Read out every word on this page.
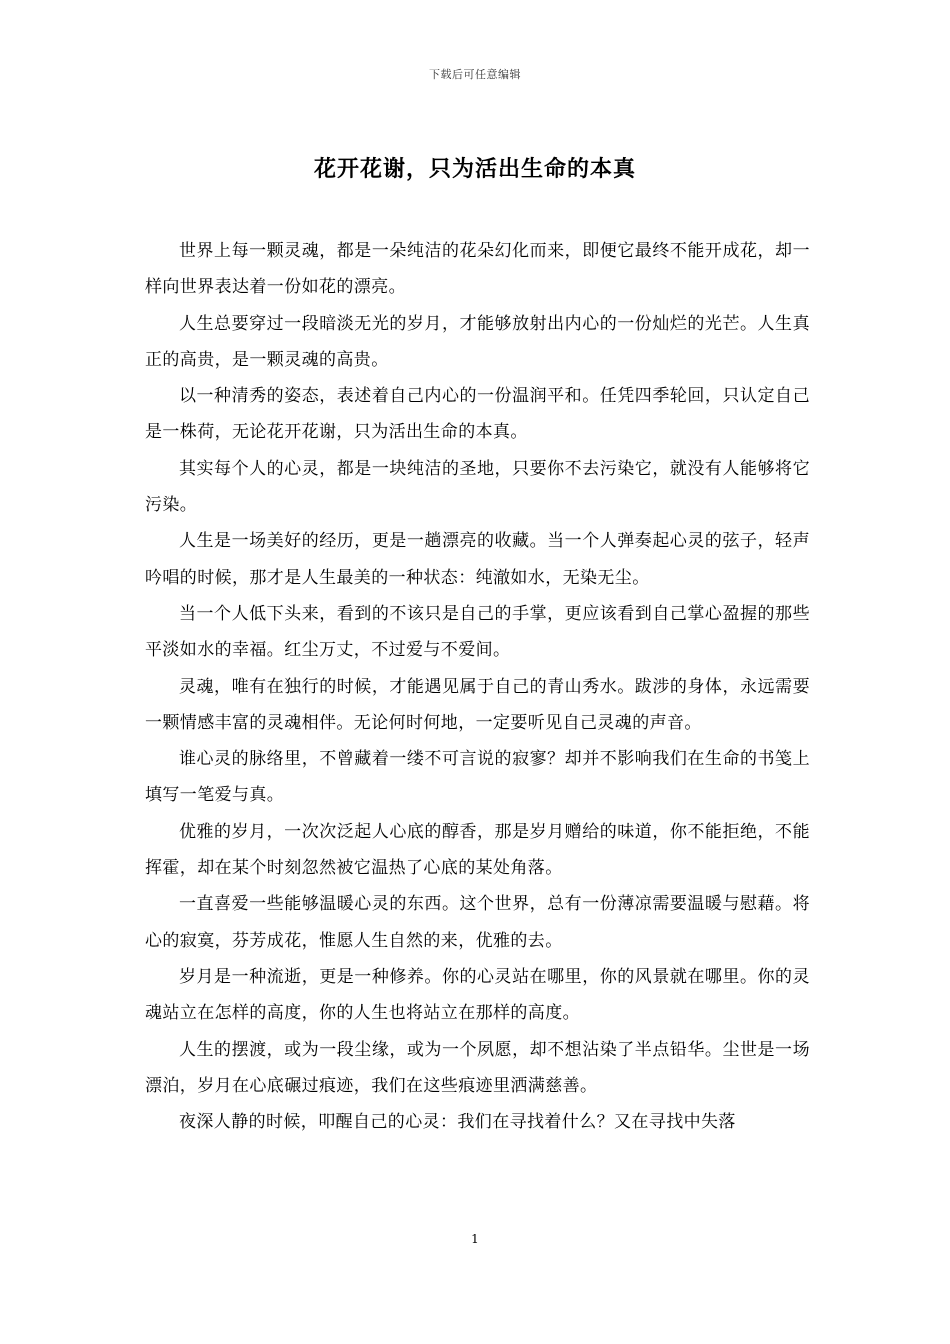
下载后可任意编辑
花开花谢，只为活出生命的本真

世界上每一颗灵魂，都是一朵纯洁的花朵幻化而来，即便它最终不能开成花，却一样向世界表达着一份如花的漂亮。

人生总要穿过一段暗淡无光的岁月，才能够放射出内心的一份灿烂的光芒。人生真正的高贵，是一颗灵魂的高贵。

以一种清秀的姿态，表述着自己内心的一份温润平和。任凭四季轮回，只认定自己是一株荷，无论花开花谢，只为活出生命的本真。

其实每个人的心灵，都是一块纯洁的圣地，只要你不去污染它，就没有人能够将它污染。

人生是一场美好的经历，更是一趟漂亮的收藏。当一个人弹奏起心灵的弦子，轻声吟唱的时候，那才是人生最美的一种状态：纯澈如水，无染无尘。

当一个人低下头来，看到的不该只是自己的手掌，更应该看到自己掌心盈握的那些平淡如水的幸福。红尘万丈，不过爱与不爱间。

灵魂，唯有在独行的时候，才能遇见属于自己的青山秀水。跋涉的身体，永远需要一颗情感丰富的灵魂相伴。无论何时何地，一定要听见自己灵魂的声音。

谁心灵的脉络里，不曾藏着一缕不可言说的寂寥？却并不影响我们在生命的书笺上填写一笔爱与真。

优雅的岁月，一次次泛起人心底的醇香，那是岁月赠给的味道，你不能拒绝，不能挥霍，却在某个时刻忽然被它温热了心底的某处角落。

一直喜爱一些能够温暖心灵的东西。这个世界，总有一份薄凉需要温暖与慰藉。将心的寂寞，芬芳成花，惟愿人生自然的来，优雅的去。

岁月是一种流逝，更是一种修养。你的心灵站在哪里，你的风景就在哪里。你的灵魂站立在怎样的高度，你的人生也将站立在那样的高度。

人生的摆渡，或为一段尘缘，或为一个夙愿，却不想沾染了半点铅华。尘世是一场漂泊，岁月在心底碾过痕迹，我们在这些痕迹里洒满慈善。

夜深人静的时候，叩醒自己的心灵：我们在寻找着什么？又在寻找中失落

1
